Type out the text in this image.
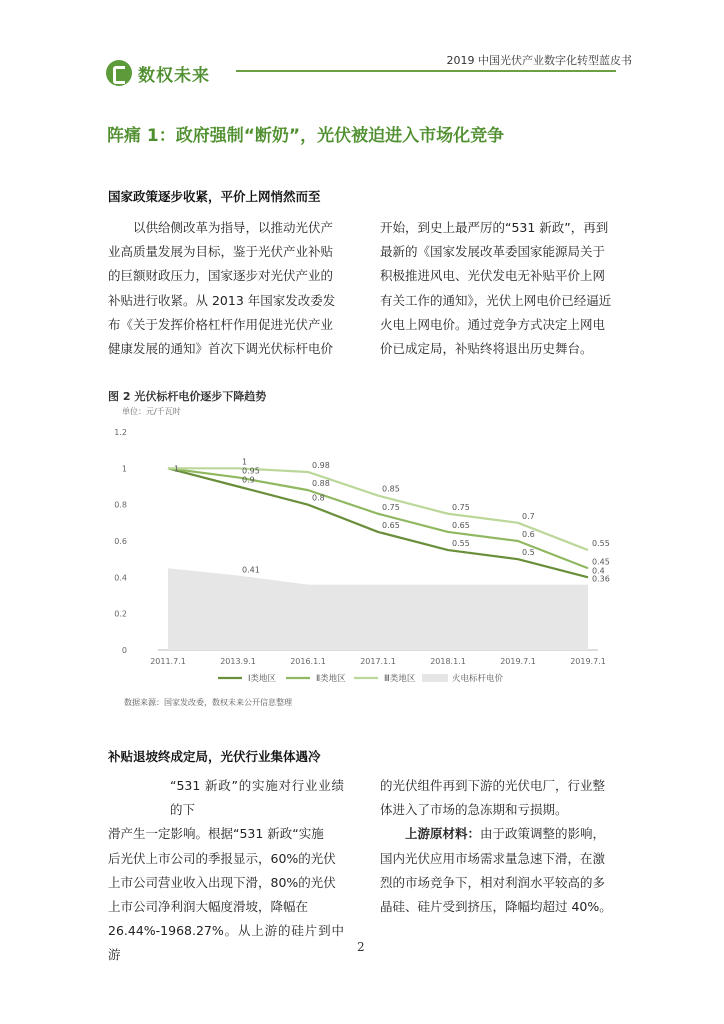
数权未来
2019 中国光伏产业数字化转型蓝皮书
阵痛 1：政府强制“断奶”，光伏被迫进入市场化竞争
国家政策逐步收紧，平价上网悄然而至

以供给侧改革为指导，以推动光伏产

业高质量发展为目标，鉴于光伏产业补贴

的巨额财政压力，国家逐步对光伏产业的

补贴进行收紧。从 2013 年国家发改委发

布《关于发挥价格杠杆作用促进光伏产业

健康发展的通知》首次下调光伏标杆电价

开始，到史上最严厉的“531 新政”，再到

最新的《国家发展改革委国家能源局关于

积极推进风电、光伏发电无补贴平价上网

有关工作的通知》，光伏上网电价已经逼近

火电上网电价。通过竞争方式决定上网电

价已成定局，补贴终将退出历史舞台。

图 2 光伏标杆电价逐步下降趋势
单位：元/千瓦时
0
0.2
0.4
0.6
0.8
1
1.2
2011.7.1	2013.9.1	2016.1.1	2017.1.1	2018.1.1	2019.7.1	2019.7.1
1
0.9
0.8
0.65
0.55
0.5
0.4
0.95
0.88
0.75
0.65
0.6
0.45
1	0.98
0.85
0.75
0.7
0.55
0.41
0.36
Ⅰ类地区	Ⅱ类地区	Ⅲ类地区	火电标杆电价
数据来源：国家发改委，数权未来公开信息整理
补贴退坡终成定局，光伏行业集体遇冷

“531 新政”的实施对行业业绩的下

滑产生一定影响。根据“531 新政“实施

后光伏上市公司的季报显示，60%的光伏

上市公司营业收入出现下滑，80%的光伏

上市公司净利润大幅度滑坡，降幅在

26.44%-1968.27%。从上游的硅片到中游

的光伏组件再到下游的光伏电厂，行业整

体进入了市场的急冻期和亏损期。

上游原材料：由于政策调整的影响，

国内光伏应用市场需求量急速下滑，在激

烈的市场竞争下，相对利润水平较高的多

晶硅、硅片受到挤压，降幅均超过 40%。

2
